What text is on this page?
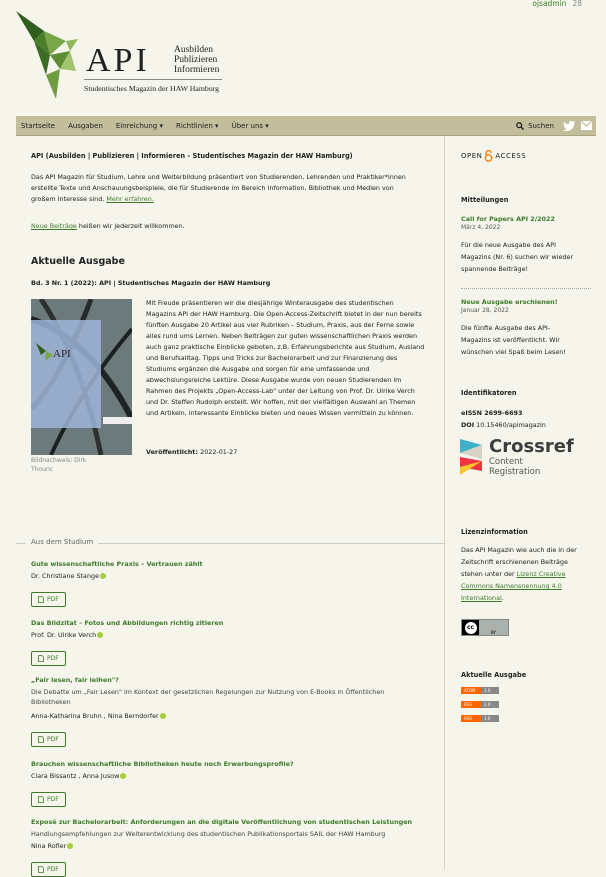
ojsadmin 28
API	Ausbilden
Publizieren
Informieren
Studentisches Magazin der HAW Hamburg
Startseite Ausgaben Einreichung ▾ Richtlinien ▾ Über uns ▾	Suchen
API (Ausbilden | Publizieren | Informieren - Studentisches Magazin der HAW Hamburg)
Das API Magazin für Studium, Lehre und Weiterbildung präsentiert von Studierenden, Lehrenden und Praktiker*innen
erstellte Texte und Anschauungsbeispiele, die für Studierende im Bereich Information, Bibliothek und Medien von
großem Interesse sind. Mehr erfahren.
Neue Beiträge heißen wir jederzeit willkommen.
Aktuelle Ausgabe
Bd. 3 Nr. 1 (2022): API | Studentisches Magazin der HAW Hamburg
API
Bildnachweis: Dirk
Thounc
Mit Freude präsentieren wir die diesjährige Winterausgabe des studentischen
Magazins API der HAW Hamburg. Die Open-Access-Zeitschrift bietet in der nun bereits
fünften Ausgabe 20 Artikel aus vier Rubriken – Studium, Praxis, aus der Ferne sowie
alles rund ums Lernen. Neben Beiträgen zur guten wissenschaftlichen Praxis werden
auch ganz praktische Einblicke geboten, z.B. Erfahrungsberichte aus Studium, Ausland
und Berufsalltag. Tipps und Tricks zur Bachelorarbeit und zur Finanzierung des
Studiums ergänzen die Ausgabe und sorgen für eine umfassende und
abwechslungsreiche Lektüre. Diese Ausgabe wurde von neuen Studierenden im
Rahmen des Projekts „Open-Access-Lab" unter der Leitung von Prof. Dr. Ulrike Verch
und Dr. Steffen Rudolph erstellt. Wir hoffen, mit der vielfältigen Auswahl an Themen
und Artikeln, interessante Einblicke bieten und neues Wissen vermitteln zu können.
Veröffentlicht: 2022-01-27
Aus dem Studium
Gute wissenschaftliche Praxis – Vertrauen zählt
Dr. Christiane Stange
PDF
Das Bildzitat – Fotos und Abbildungen richtig zitieren
Prof. Dr. Ulrike Verch
PDF
„Fair lesen, fair leihen"?
Die Debatte um „Fair Lesen" im Kontext der gesetzlichen Regelungen zur Nutzung von E-Books in Öffentlichen Bibliotheken
Anna-Katharina Bruhn , Nina Berndorfer
PDF
Brauchen wissenschaftliche Bibliotheken heute noch Erwerbungsprofile?
Clara Bissantz , Anna Jusow
PDF
Exposé zur Bachelorarbeit: Anforderungen an die digitale Veröffentlichung von studentischen Leistungen
Handlungsempfehlungen zur Weiterentwicklung des studentischen Publikationsportals SAIL der HAW Hamburg
Nina Rofler
PDF
OPEN ACCESS
Mitteilungen
Call for Papers API 2/2022
März 4, 2022
Für die neue Ausgabe des API
Magazins (Nr. 6) suchen wir wieder
spannende Beiträge!
Neue Ausgabe erschienen!
Januar 28, 2022
Die fünfte Ausgabe des API-
Magazins ist veröffentlicht. Wir
wünschen viel Spaß beim Lesen!
Identifikatoren
eISSN 2699-6693
DOI 10.15460/apimagazin
Crossref
Content
Registration
Lizenzinformation
Das API Magazin wie auch die in der
Zeitschrift erschienenen Beiträge
stehen unter der Lizenz Creative
Commons Namensnennung 4.0
International.
cc
BY
Aktuelle Ausgabe
ATOM	1.0
RSS	2.0
RSS	1.0
